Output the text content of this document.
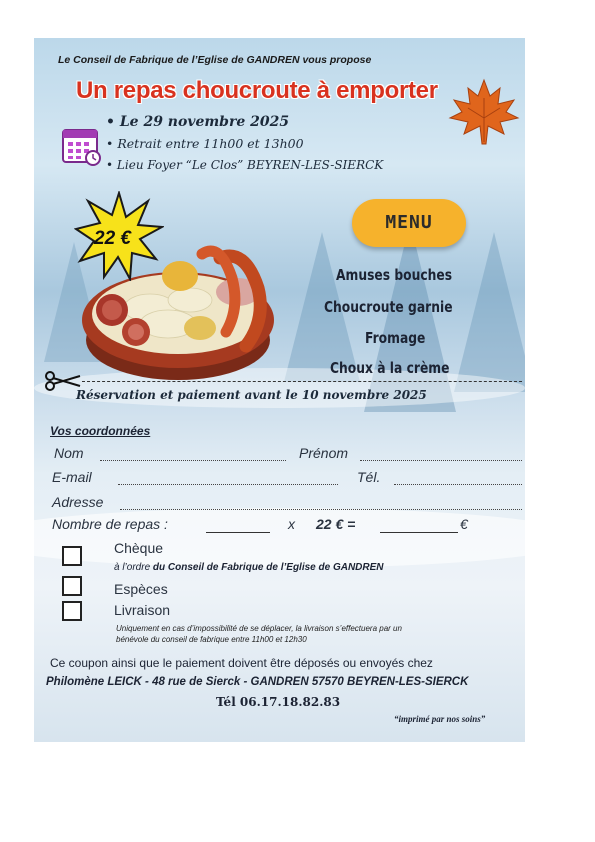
Le Conseil de Fabrique de l’Eglise de GANDREN vous propose
Un repas choucroute à emporter
• Le 29 novembre 2025
• Retrait entre 11h00 et 13h00
• Lieu Foyer “Le Clos” BEYREN-LES-SIERCK
22 €
MENU
Amuses bouches
Choucroute garnie
Fromage
Choux à la crème
Réservation et paiement avant le 10 novembre 2025
Vos coordonnées
Nom	Prénom
E-mail	Tél.
Adresse
Nombre de repas :	x 22 € =	€
Chèque
à l’ordre du Conseil de Fabrique de l’Eglise de GANDREN
Espèces
Livraison
Uniquement en cas d’impossibilité de se déplacer, la livraison s’effectuera par un
bénévole du conseil de fabrique entre 11h00 et 12h30
Ce coupon ainsi que le paiement doivent être déposés ou envoyés chez
Philomène LEICK - 48 rue de Sierck - GANDREN 57570 BEYREN-LES-SIERCK
Tél 06.17.18.82.83
“imprimé par nos soins”
